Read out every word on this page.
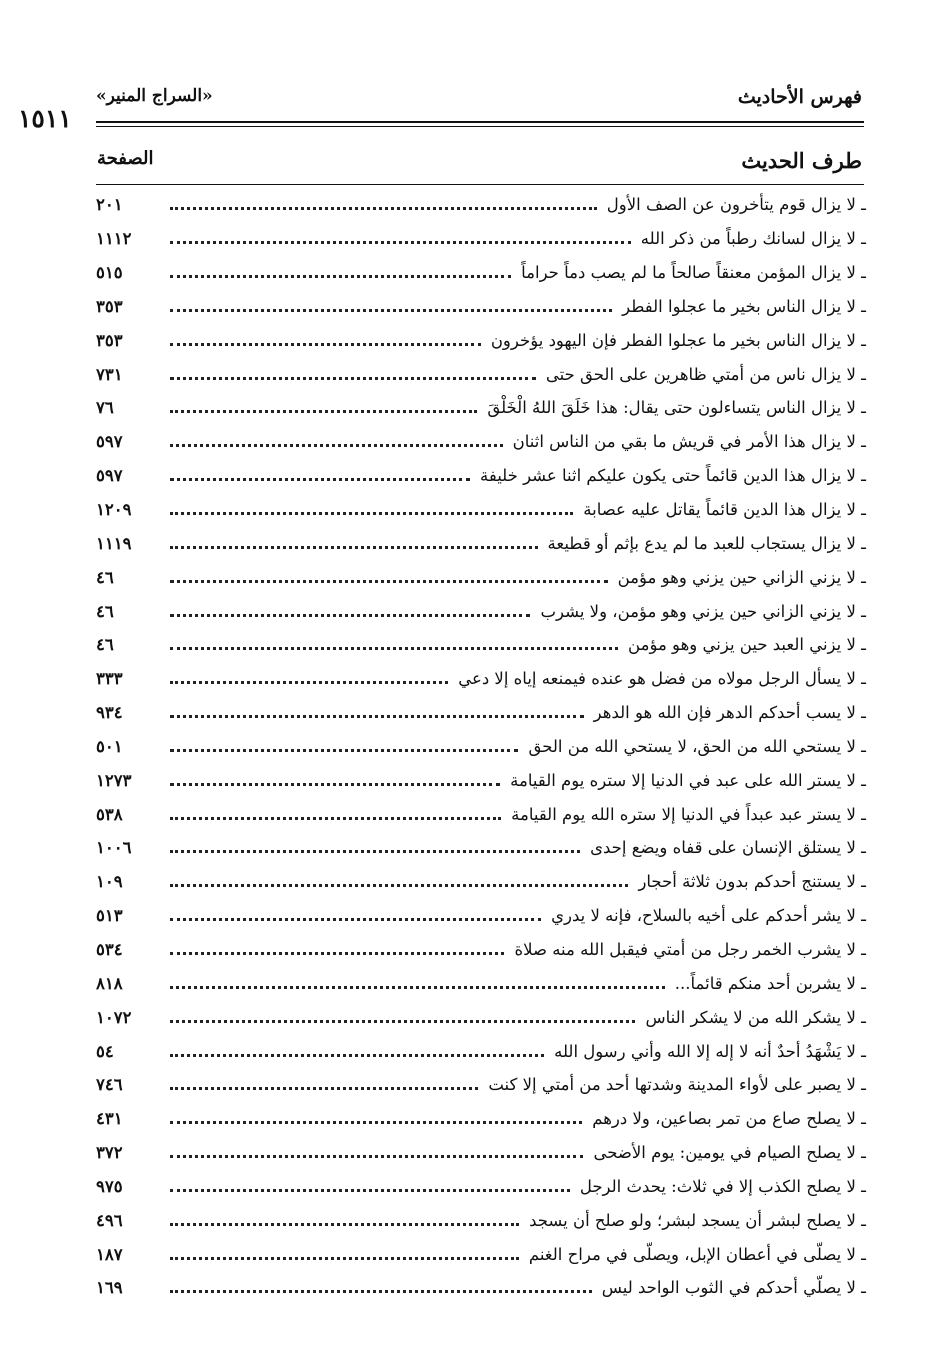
فهرس الأحاديث
«السراج المنير»
١٥١١
طرف الحديث
الصفحة
ـ لا يزال قوم يتأخرون عن الصف الأول
٢٠١
ـ لا يزال لسانك رطباً من ذكر الله
١١١٢
ـ لا يزال المؤمن معنقاً صالحاً ما لم يصب دماً حراماً
٥١٥
ـ لا يزال الناس بخير ما عجلوا الفطر
٣٥٣
ـ لا يزال الناس بخير ما عجلوا الفطر فإن اليهود يؤخرون
٣٥٣
ـ لا يزال ناس من أمتي ظاهرين على الحق حتى
٧٣١
ـ لا يزال الناس يتساءلون حتى يقال: هذا خَلَقَ اللهُ الْخَلْقَ
٧٦
ـ لا يزال هذا الأمر في قريش ما بقي من الناس اثنان
٥٩٧
ـ لا يزال هذا الدين قائماً حتى يكون عليكم اثنا عشر خليفة
٥٩٧
ـ لا يزال هذا الدين قائماً يقاتل عليه عصابة
١٢٠٩
ـ لا يزال يستجاب للعبد ما لم يدع بإثم أو قطيعة
١١١٩
ـ لا يزني الزاني حين يزني وهو مؤمن
٤٦
ـ لا يزني الزاني حين يزني وهو مؤمن، ولا يشرب
٤٦
ـ لا يزني العبد حين يزني وهو مؤمن
٤٦
ـ لا يسأل الرجل مولاه من فضل هو عنده فيمنعه إياه إلا دعي
٣٣٣
ـ لا يسب أحدكم الدهر فإن الله هو الدهر
٩٣٤
ـ لا يستحي الله من الحق، لا يستحي الله من الحق
٥٠١
ـ لا يستر الله على عبد في الدنيا إلا ستره يوم القيامة
١٢٧٣
ـ لا يستر عبد عبداً في الدنيا إلا ستره الله يوم القيامة
٥٣٨
ـ لا يستلق الإنسان على قفاه ويضع إحدى
١٠٠٦
ـ لا يستنج أحدكم بدون ثلاثة أحجار
١٠٩
ـ لا يشر أحدكم على أخيه بالسلاح، فإنه لا يدري
٥١٣
ـ لا يشرب الخمر رجل من أمتي فيقبل الله منه صلاة
٥٣٤
ـ لا يشربن أحد منكم قائماً...
٨١٨
ـ لا يشكر الله من لا يشكر الناس
١٠٧٢
ـ لا يَشْهَدُ أحدٌ أنه لا إله إلا الله وأني رسول الله
٥٤
ـ لا يصبر على لأواء المدينة وشدتها أحد من أمتي إلا كنت
٧٤٦
ـ لا يصلح صاع من تمر بصاعين، ولا درهم
٤٣١
ـ لا يصلح الصيام في يومين: يوم الأضحى
٣٧٢
ـ لا يصلح الكذب إلا في ثلاث: يحدث الرجل
٩٧٥
ـ لا يصلح لبشر أن يسجد لبشر؛ ولو صلح أن يسجد
٤٩٦
ـ لا يصلّى في أعطان الإبل، ويصلّى في مراح الغنم
١٨٧
ـ لا يصلّي أحدكم في الثوب الواحد ليس
١٦٩
